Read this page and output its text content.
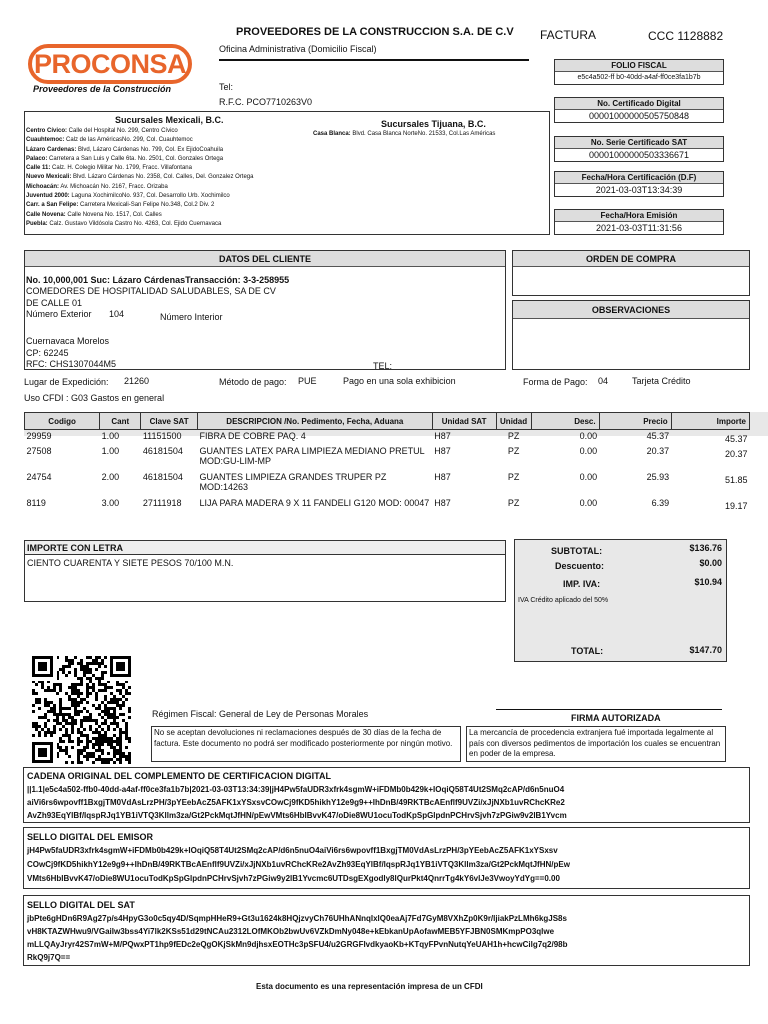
PROCONSA
Proveedores de la Construcción
PROVEEDORES DE LA CONSTRUCCION S.A. DE C.V
Oficina Administrativa (Domicilio Fiscal)
Tel:
R.F.C. PCO7710263V0
FACTURA	CCC 1128882
FOLIO FISCAL
e5c4a502-ff b0-40dd-a4af-ff0ce3fa1b7b
No. Certificado Digital
00001000000505750848
No. Serie Certificado SAT
00001000000503336671
Fecha/Hora Certificación (D.F)
2021-03-03T13:34:39
Fecha/Hora Emisión
2021-03-03T11:31:56
Sucursales Mexicali, B.C.
Centro Cívico: Calle del Hospital No. 299, Centro Cívico
Cuauhtemoc: Calz de las AméricasNo. 299, Col. Cuauhtemoc
Lázaro Cardenas: Blvd, Lázaro Cárdenas No. 799, Col. Ex EjidoCoahuila
Palaco: Carretera a San Luis y Calle 6ta. No. 2501, Col. Gonzales Ortega
Calle 11: Calz. H. Colegio Militar No. 1799, Fracc. Villafontana
Nuevo Mexicali: Blvd. Lázaro Cárdenas No. 2358, Col. Calles, Del. Gonzalez Ortega
Michoacán: Av. Michoacán No. 2167, Fracc. Orizaba
Juventud 2000: Laguna XochimilcoNo. 937, Col. Desarrollo Urb. Xochimilco
Carr. a San Felipe: Carretera Mexicali-San Felipe No.348, Col.2 Div. 2
Calle Novena: Calle Novena No. 1517, Col. Calles
Puebla: Calz. Gustavo Vildósola Castro No. 4263, Col. Ejido Cuernavaca
Sucursales Tijuana, B.C.
Casa Blanca: Blvd. Casa Blanca NorteNo. 21533, Col.Las Américas
DATOS DEL CLIENTE
No. 10,000,001 Suc: Lázaro CárdenasTransacción: 3-3-258955
COMEDORES DE HOSPITALIDAD SALUDABLES, SA DE CV
DE CALLE 01
Número Exterior 104	Número Interior
Cuernavaca Morelos
CP: 62245
RFC: CHS1307044M5	TEL:
ORDEN DE COMPRA
OBSERVACIONES
Lugar de Expedición: 21260	Método de pago: PUE	Pago en una sola exhibicion	Forma de Pago: 04	Tarjeta Crédito
Uso CFDI : G03 Gastos en general
Codigo	Cant	Clave SAT	DESCRIPCION /No. Pedimento, Fecha, Aduana	Unidad SAT	Unidad	Desc.	Precio	Importe
29959	1.00	11151500	FIBRA DE COBRE PAQ. 4	H87	PZ	0.00	45.37	45.37
27508	1.00	46181504	GUANTES LATEX PARA LIMPIEZA MEDIANO PRETUL MOD:GU-LIM-MP	H87	PZ	0.00	20.37	20.37
24754	2.00	46181504	GUANTES LIMPIEZA GRANDES TRUPER PZ MOD:14263	H87	PZ	0.00	25.93	51.85
8119	3.00	27111918	LIJA PARA MADERA 9 X 11 FANDELI G120 MOD: 00047	H87	PZ	0.00	6.39	19.17
IMPORTE CON LETRA
CIENTO CUARENTA Y SIETE PESOS 70/100 M.N.
SUBTOTAL:	$136.76
Descuento:	$0.00
IMP. IVA:	$10.94
IVA Crédito aplicado del 50%
TOTAL:	$147.70
Régimen Fiscal: General de Ley de Personas Morales	FIRMA AUTORIZADA
No se aceptan devoluciones ni reclamaciones después de 30 días de la fecha de factura. Este documento no podrá ser modificado posteriormente por ningún motivo.
La mercancía de procedencia extranjera fué importada legalmente al país con diversos pedimentos de importación los cuales se encuentran en poder de la empresa.
CADENA ORIGINAL DEL COMPLEMENTO DE CERTIFICACION DIGITAL
||1.1|e5c4a502-ffb0-40dd-a4af-ff0ce3fa1b7b|2021-03-03T13:34:39|jH4Pw5faUDR3xfrk4sgmW+iFDMb0b429k+IOqiQ58T4Ut2SMq2cAP/d6n5nuO4
aiVi6rs6wpovff1BxgjTM0VdAsLrzPH/3pYEebAcZ5AFK1xYSxsvCOwCj9fKD5hikhY12e9g9++IhDnB/49RKTBcAEnflf9UVZi/xJjNXb1uvRChcKRe2
AvZh93EqYlBf/lqspRJq1YB1iVTQ3Kllm3za/Gt2PckMqtJfHN/pEwVMts6HbIBvvK47/oDie8WU1ocuTodKpSpGlpdnPCHrvSjvh7zPGiw9v2lB1Yvcm
SELLO DIGITAL DEL EMISOR
jH4Pw5faUDR3xfrk4sgmW+iFDMb0b429k+IOqiQ58T4Ut2SMq2cAP/d6n5nuO4aiVi6rs6wpovff1BxgjTM0VdAsLrzPH/3pYEebAcZ5AFK1xYSxsv
COwCj9fKD5hikhY12e9g9++IhDnB/49RKTBcAEnflf9UVZi/xJjNXb1uvRChcKRe2AvZh93EqYlBf/lqspRJq1YB1iVTQ3Kllm3za/Gt2PckMqtJfHN/pEw
VMts6HbIBvvK47/oDie8WU1ocuTodKpSpGlpdnPCHrvSjvh7zPGiw9y2lB1Yvcmc6UTDsgEXgodly8lQurPkt4QnrrTg4kY6vlJe3VwoyYdYg==0.00
SELLO DIGITAL DEL SAT
jbPte6gHDn6R9Ag27p/s4HpyG3o0c5qy4D/SqmpHHeR9+Gt3u1624k8HQjzvyCh76UHhANnqlxlQ0eaAj7Fd7GyM8VXhZp0K9r/ljiakPzLMh6kgJS8s
vH8KTAZWHwu9/VGaiIw3bss4Yi7lk2KSs51d29tNCAu2312LOfMKOb2bwUv6VZkDmNy048e+kEbkanUpAofawMEB5YFJBN0SMKmpPO3qlwe
mLLQAyJryr42S7mW+M/PQwxPT1hp9fEDc2eQgOKjSkMn9djhsxEOTHc3pSFU4/u2GRGFlvdkyaoKb+KTqyFPvnNutqYeUAH1h+hcwCilg7q2/98b
RkQ9j7Q==
Esta documento es una representación impresa de un CFDI
